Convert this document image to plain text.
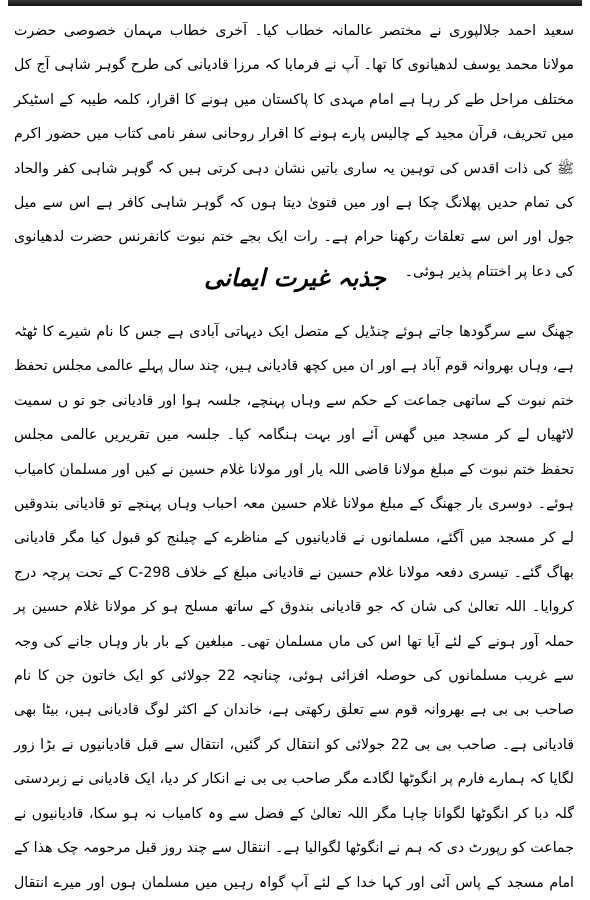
سعید احمد جلالپوری نے مختصر عالمانہ خطاب کیا۔ آخری خطاب مہمان خصوصی حضرت مولانا محمد یوسف لدھیانوی کا تھا۔ آپ نے فرمایا کہ مرزا قادیانی کی طرح گوہر شاہی آج کل مختلف مراحل طے کر رہا ہے امام مہدی کا پاکستان میں ہونے کا اقرار، کلمہ طیبہ کے اسٹیکر میں تحریف، قرآن مجید کے چالیس پارے ہونے کا اقرار روحانی سفر نامی کتاب میں حضور اکرم ﷺ کی ذات اقدس کی توہین یہ ساری باتیں نشان دہی کرتی ہیں کہ گوہر شاہی کفر والحاد کی تمام حدیں پھلانگ چکا ہے اور میں فتویٰ دیتا ہوں کہ گوہر شاہی کافر ہے اس سے میل جول اور اس سے تعلقات رکھنا حرام ہے۔ رات ایک بجے ختم نبوت کانفرنس حضرت لدھیانوی کی دعا پر اختتام پذیر ہوئی۔

جذبہ غیرت ایمانی

جھنگ سے سرگودھا جاتے ہوئے چنڈیل کے متصل ایک دیہاتی آبادی ہے جس کا نام شیرے کا ٹھٹہ ہے، وہاں بھروانہ قوم آباد ہے اور ان میں کچھ قادیانی ہیں، چند سال پہلے عالمی مجلس تحفظ ختم نبوت کے ساتھی جماعت کے حکم سے وہاں پہنچے، جلسہ ہوا اور قادیانی جو تو ں سمیت لاٹھیاں لے کر مسجد میں گھس آئے اور بہت ہنگامہ کیا۔ جلسہ میں تقریریں عالمی مجلس تحفظ ختم نبوت کے مبلغ مولانا قاضی اللہ یار اور مولانا غلام حسین نے کیں اور مسلمان کامیاب ہوئے۔ دوسری بار جھنگ کے مبلغ مولانا غلام حسین معہ احباب وہاں پہنچے تو قادیانی بندوقیں لے کر مسجد میں آگئے، مسلمانوں نے قادیانیوں کے مناظرے کے چیلنج کو قبول کیا مگر قادیانی بھاگ گئے۔ تیسری دفعہ مولانا غلام حسین نے قادیانی مبلغ کے خلاف 298-C کے تحت پرچہ درج کروایا۔ اللہ تعالیٰ کی شان کہ جو قادیانی بندوق کے ساتھ مسلح ہو کر مولانا غلام حسین پر حملہ آور ہونے کے لئے آیا تھا اس کی ماں مسلمان تھی۔ مبلغین کے بار بار وہاں جانے کی وجہ سے غریب مسلمانوں کی حوصلہ افزائی ہوئی، چنانچہ 22 جولائی کو ایک خاتون جن کا نام صاحب بی بی ہے بھروانہ قوم سے تعلق رکھتی ہے، خاندان کے اکثر لوگ قادیانی ہیں، بیٹا بھی قادیانی ہے۔ صاحب بی بی 22 جولائی کو انتقال کر گئیں، انتقال سے قبل قادیانیوں نے بڑا زور لگایا کہ ہمارے فارم پر انگوٹھا لگادے مگر صاحب بی بی نے انکار کر دیا، ایک قادیانی نے زبردستی گلہ دبا کر انگوٹھا لگوانا چاہا مگر اللہ تعالیٰ کے فضل سے وہ کامیاب نہ ہو سکا، قادیانیوں نے جماعت کو رپورٹ دی کہ ہم نے انگوٹھا لگوالیا ہے۔ انتقال سے چند روز قبل مرحومہ چک ھذا کے امام مسجد کے پاس آئی اور کہا خدا کے لئے آپ گواہ رہیں میں مسلمان ہوں اور میرے انتقال
